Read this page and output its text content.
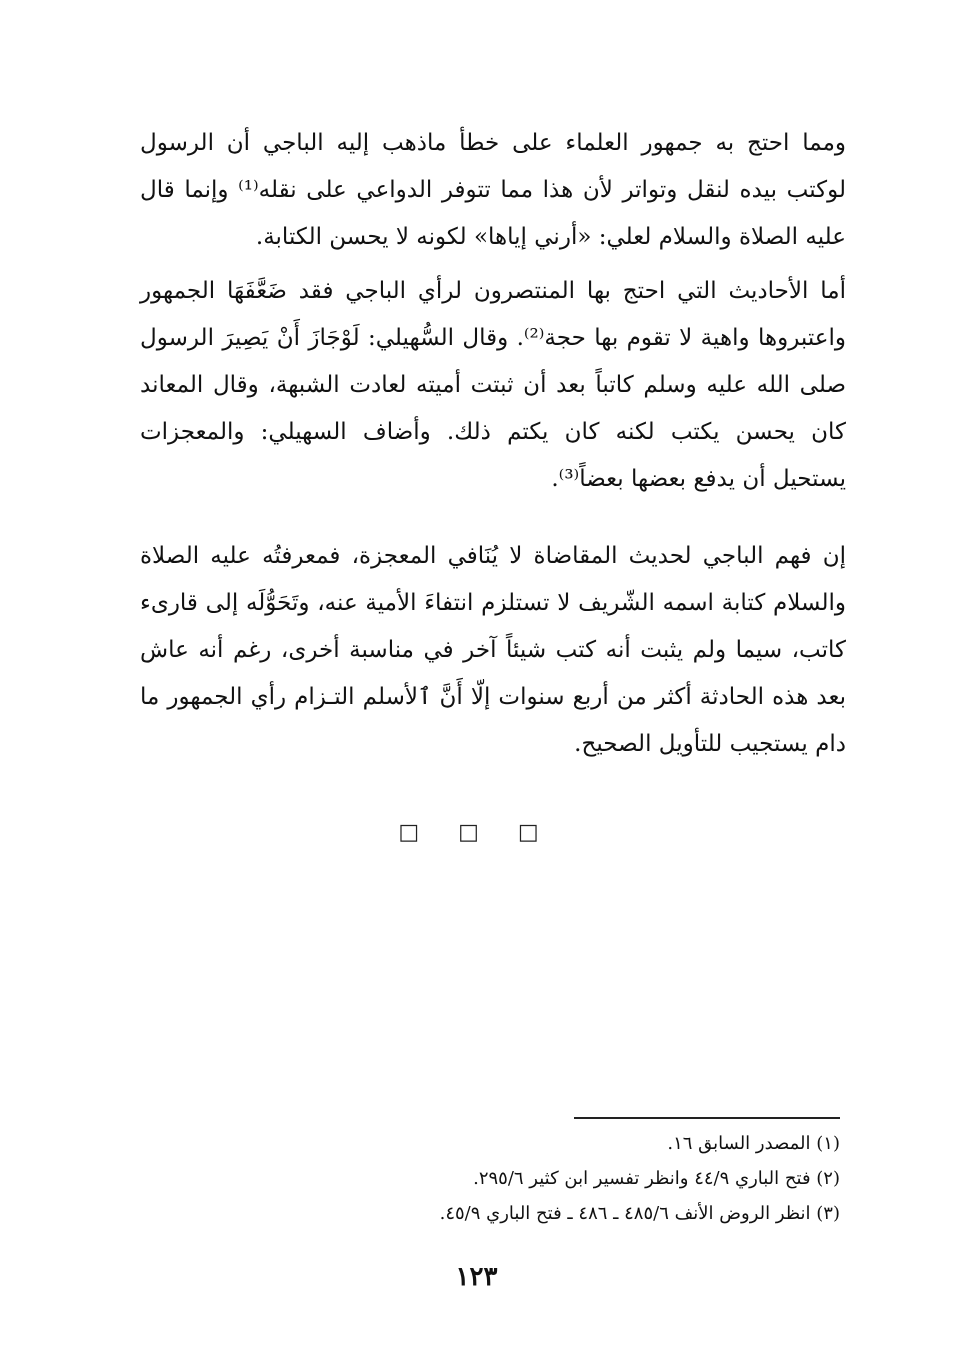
ومما احتج به جمهور العلماء على خطأ ماذهب إليه الباجي أن الرسول لوكتب بيده لنقل وتواتر لأن هذا مما تتوفر الدواعي على نقله⁽¹⁾ وإنما قال عليه الصلاة والسلام لعلي: «أرني إياها» لكونه لا يحسن الكتابة.

أما الأحاديث التي احتج بها المنتصرون لرأي الباجي فقد ضَعَّفَهَا الجمهور واعتبروها واهية لا تقوم بها حجة⁽²⁾. وقال السُّهيلي: لَوْجَازَ أَنْ يَصِيرَ الرسول صلى الله عليه وسلم كاتباً بعد أن ثبتت أميته لعادت الشبهة، وقال المعاند كان يحسن يكتب لكنه كان يكتم ذلك. وأضاف السهيلي: والمعجزات يستحيل أن يدفع بعضها بعضاً⁽³⁾.

إن فهم الباجي لحديث المقاضاة لا يُنَافي المعجزة، فمعرفتُه عليه الصلاة والسلام كتابة اسمه الشّريف لا تستلزم انتفاءَ الأمية عنه، وتَحَوُّلَه إلى قارىء كاتب، سيما ولم يثبت أنه كتب شيئاً آخر في مناسبة أخرى، رغم أنه عاش بعد هذه الحادثة أكثر من أربع سنوات إلّا أَنَّ ٱلأسلم التـزام رأي الجمهور ما دام يستجيب للتأويل الصحيح.

□ □ □
(١) المصدر السابق ١٦.
(٢) فتح الباري ٤٤/٩ وانظر تفسير ابن كثير ٢٩٥/٦.
(٣) انظر الروض الأنف ٤٨٥/٦ ـ ٤٨٦ ـ فتح الباري ٤٥/٩.
١٢٣
